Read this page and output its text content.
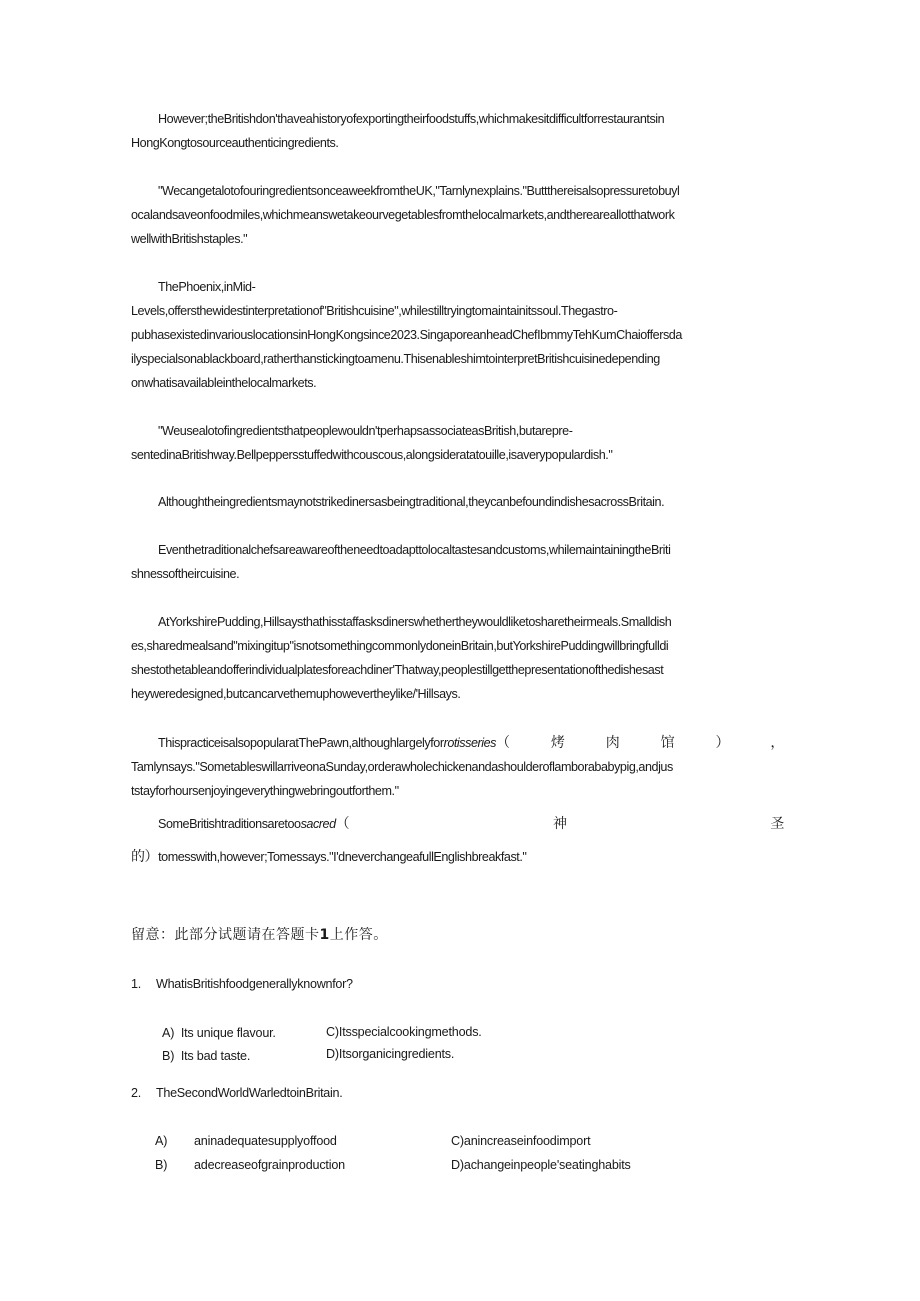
However;theBritishdon'thaveahistoryofexportingtheirfoodstuffs,whichmakesitdifficultforrestaurantsin
HongKongtosourceauthenticingredients.
"WecangetalotofouringredientsonceaweekfromtheUK,"Tarnlynexplains."Buttthereisalsopressuretobuyl
ocalandsaveonfoodmiles,whichmeanswetakeourvegetablesfromthelocalmarkets,andthereareallotthatwork
wellwithBritishstaples."
ThePhoenix,inMid-
Levels,offersthewidestinterpretationof"Britishcuisine",whilestilltryingtomaintainitssoul.Thegastro-
pubhasexistedinvariouslocationsinHongKongsince2023.SingaporeanheadChefIbmmyTehKumChaioffersda
ilyspecialsonablackboard,ratherthanstickingtoamenu.ThisenableshimtointerpretBritishcuisinedepending
onwhatisavailableinthelocalmarkets.
"Weusealotofingredientsthatpeoplewouldn'tperhapsassociateasBritish,butarepre-
sentedinaBritishway.Bellpeppersstuffedwithcouscous,alongsideratatouille,isaverypopulardish."
Althoughtheingredientsmaynotstrikedinersasbeingtraditional,theycanbefoundindishesacrossBritain.
Eventhetraditionalchefsareawareoftheneedtoadapttolocaltastesandcustoms,whilemaintainingtheBriti
shnessoftheircuisine.
AtYorkshirePudding,Hillsaysthathisstaffasksdinerswhethertheywouldliketosharetheirmeals.Smalldish
es,sharedmealsand"mixingitup"isnotsomethingcommonlydoneinBritain,butYorkshirePuddingwillbringfulldi
shestothetableandofferindividualplatesforeachdiner'Thatway,peoplestillgetthepresentationofthedishesast
heyweredesigned,butcancarvethemuphowevertheylike/'Hillsays.
ThispracticeisalsopopularatThePawn,althoughlargelyforrotisseries（	烤	肉	馆	）	，
Tamlynsays."SometableswillarriveonaSunday,orderawholechickenandashoulderoflamborababypig,andjus
tstayforhoursenjoyingeverythingwebringoutforthem."
SomeBritishtraditionsaretoosacred（	神	圣
的）tomesswith,however;Tomessays."I'dneverchangeafullEnglishbreakfast."
留意：此部分试题请在答题卡1上作答。
1. WhatisBritishfoodgenerallyknownfor?
A) Its unique flavour.
B) Its bad taste.
C)Itsspecialcookingmethods.
D)Itsorganicingredients.
2. TheSecondWorldWarledtoinBritain.
A) aninadequatesupplyoffood
B) adecreaseofgrainproduction
C)anincreaseinfoodimport
D)achangeinpeople'seatinghabits
